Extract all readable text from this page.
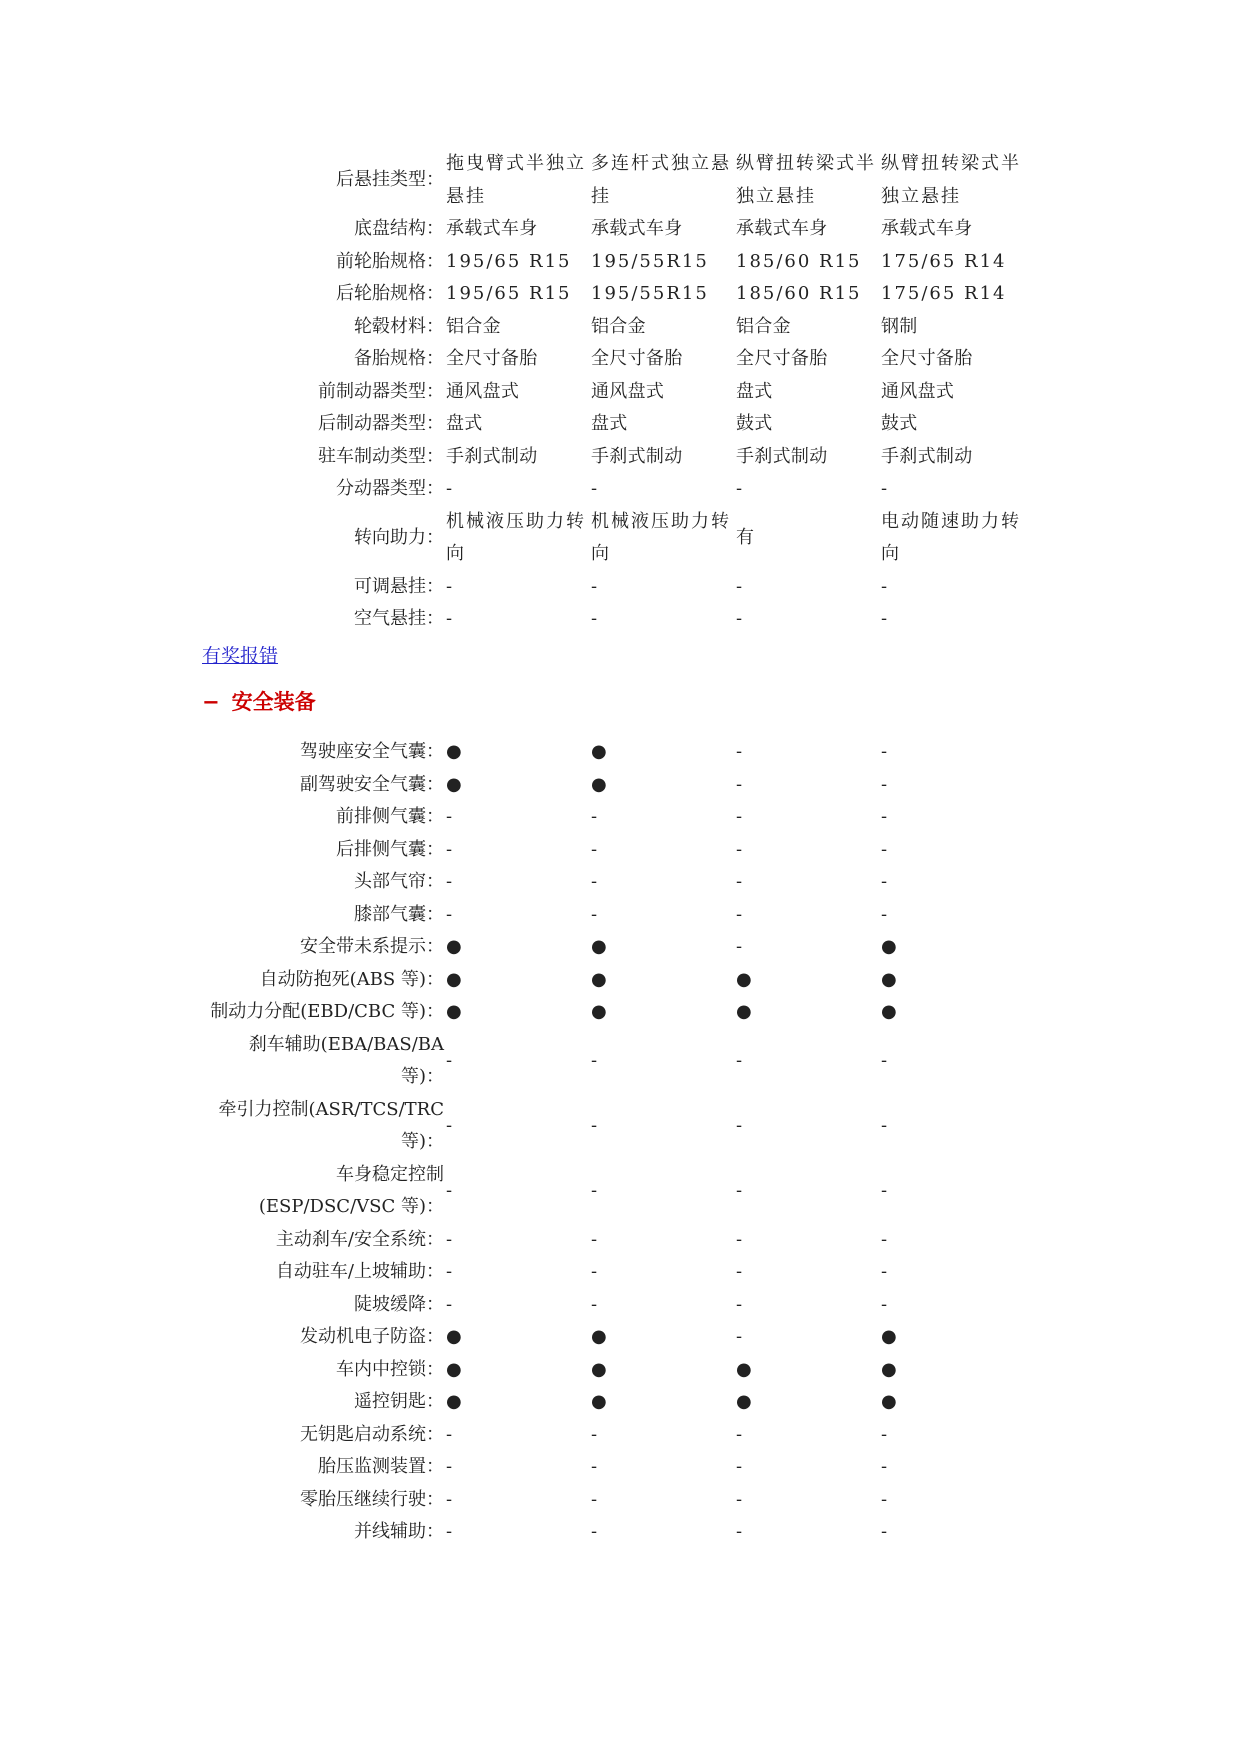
后悬挂类型：	拖曳臂式半独立悬挂	多连杆式独立悬挂	纵臂扭转梁式半独立悬挂	纵臂扭转梁式半独立悬挂
底盘结构：	承载式车身	承载式车身	承载式车身	承载式车身
前轮胎规格：	195/65 R15	195/55R15	185/60 R15	175/65 R14
后轮胎规格：	195/65 R15	195/55R15	185/60 R15	175/65 R14
轮毂材料：	铝合金	铝合金	铝合金	钢制
备胎规格：	全尺寸备胎	全尺寸备胎	全尺寸备胎	全尺寸备胎
前制动器类型：	通风盘式	通风盘式	盘式	通风盘式
后制动器类型：	盘式	盘式	鼓式	鼓式
驻车制动类型：	手刹式制动	手刹式制动	手刹式制动	手刹式制动
分动器类型：	-	-	-	-
转向助力：	机械液压助力转向	机械液压助力转向	有	电动随速助力转向
可调悬挂：	-	-	-	-
空气悬挂：	-	-	-	-
有奖报错
− 安全装备
驾驶座安全气囊：	●	●	-	-
副驾驶安全气囊：	●	●	-	-
前排侧气囊：	-	-	-	-
后排侧气囊：	-	-	-	-
头部气帘：	-	-	-	-
膝部气囊：	-	-	-	-
安全带未系提示：	●	●	-	●
自动防抱死(ABS 等)：	●	●	●	●
制动力分配(EBD/CBC 等)：	●	●	●	●
刹车辅助(EBA/BAS/BA 等)：	-	-	-	-
牵引力控制(ASR/TCS/TRC 等)：	-	-	-	-
车身稳定控制(ESP/DSC/VSC 等)：	-	-	-	-
主动刹车/安全系统：	-	-	-	-
自动驻车/上坡辅助：	-	-	-	-
陡坡缓降：	-	-	-	-
发动机电子防盗：	●	●	-	●
车内中控锁：	●	●	●	●
遥控钥匙：	●	●	●	●
无钥匙启动系统：	-	-	-	-
胎压监测装置：	-	-	-	-
零胎压继续行驶：	-	-	-	-
并线辅助：	-	-	-	-
